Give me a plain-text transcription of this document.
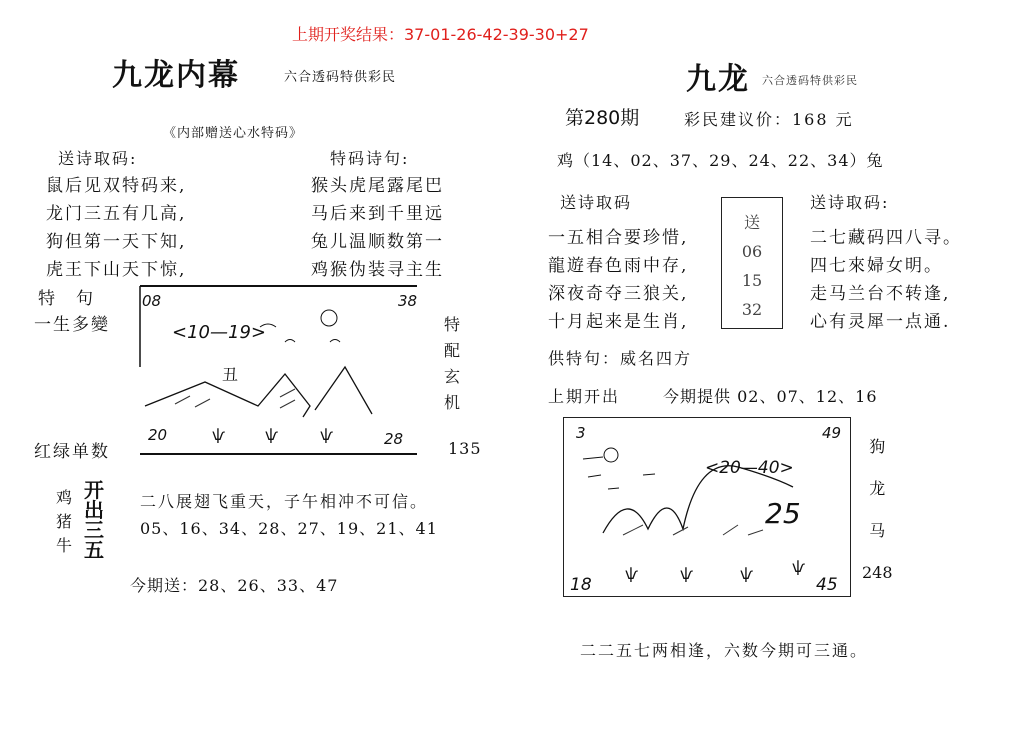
上期开奖结果：37-01-26-42-39-30+27
九龙内幕	六合透码特供彩民
《内部赠送心水特码》
送诗取码:
鼠后见双特码来,
龙门三五有几高,
狗但第一天下知,
虎王下山天下惊,
特码诗句:
猴头虎尾露尾巴
马后来到千里远
兔儿温顺数第一
鸡猴伪装寻主生
特　句
一生多變
08	38
<10—19>
丑
20	ѱ	ѱ	ѱ	28
特
配
玄
机
红绿单数	135
鸡
猪
牛
开
出
三
五
二八展翅飞重天，子午相冲不可信。
05、16、34、28、27、19、21、41
今期送：28、26、33、47
九龙 六合透码特供彩民
第280期	彩民建议价：168 元
鸡（14、02、37、29、24、22、34）兔
送诗取码
一五相合要珍惜,
龍遊春色雨中存,
深夜奇夺三狼关,
十月起来是生肖,
送
06
15
32
送诗取码:
二七藏码四八寻。
四七來婦女明。
走马兰台不转逢,
心有灵犀一点通.
供特句：威名四方
上期开出	今期提供 02、07、12、16
3	49
<20—40>
25
18
ѱ	ѱ	ѱ	ѱ
45
狗
龙
马
248
二二五七两相逢，六数今期可三通。
